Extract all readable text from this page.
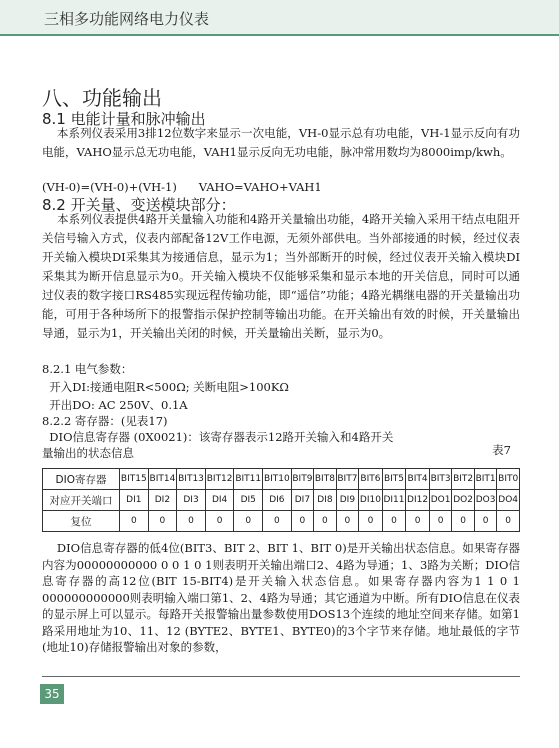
三相多功能网络电力仪表
八、功能输出
8.1 电能计量和脉冲输出
本系列仪表采用3排12位数字来显示一次电能，VH-0显示总有功电能，VH-1显示反向有功电能，VAHO显示总无功电能，VAH1显示反向无功电能，脉冲常用数均为8000imp/kwh。
(VH-0)=(VH-0)+(VH-1)      VAHO=VAHO+VAH1
8.2 开关量、变送模块部分：
本系列仪表提供4路开关量输入功能和4路开关量输出功能，4路开关输入采用干结点电阻开关信号输入方式，仪表内部配备12V工作电源，无须外部供电。当外部接通的时候，经过仪表开关输入模块DI采集其为接通信息，显示为1；当外部断开的时候，经过仪表开关输入模块DI采集其为断开信息显示为0。开关输入模块不仅能够采集和显示本地的开关信息，同时可以通过仪表的数字接口RS485实现远程传输功能，即“遥信”功能；4路光耦继电器的开关量输出功能，可用于各种场所下的报警指示保护控制等输出功能。在开关输出有效的时候，开关量输出导通，显示为1，开关输出关闭的时候，开关量输出关断，显示为0。
8.2.1 电气参数：
开入DI:接通电阻R<500Ω; 关断电阻>100KΩ
开出DO: AC 250V、0.1A
8.2.2 寄存器：(见表17)
DIO信息寄存器 (0X0021)：该寄存器表示12路开关输入和4路开关
量输出的状态信息	表7
DIO寄存器	BIT15	BIT14	BIT13	BIT12	BIT11	BIT10	BIT9	BIT8	BIT7	BIT6	BIT5	BIT4	BIT3	BIT2	BIT1	BIT0
对应开关端口	DI1	DI2	DI3	DI4	DI5	DI6	DI7	DI8	DI9	DI10	DI11	DI12	DO1	DO2	DO3	DO4
复位	0	0	0	0	0	0	0	0	0	0	0	0	0	0	0	0
DIO信息寄存器的低4位(BIT3、BIT 2、BIT 1、BIT 0)是开关输出状态信息。如果寄存器内容为00000000000 0 0 1 0 1则表明开关输出端口2、4路为导通；1、3路为关断；DIO信息寄存器的高12位(BIT 15-BIT4)是开关输入状态信息。如果寄存器内容为1 1 0 1 000000000000则表明输入端口第1、2、4路为导通；其它通道为中断。所有DIO信息在仪表的显示屏上可以显示。每路开关报警输出量参数使用DOS13个连续的地址空间来存储。如第1路采用地址为10、11、12 (BYTE2、BYTE1、BYTE0)的3个字节来存储。地址最低的字节(地址10)存储报警输出对象的参数，
35
